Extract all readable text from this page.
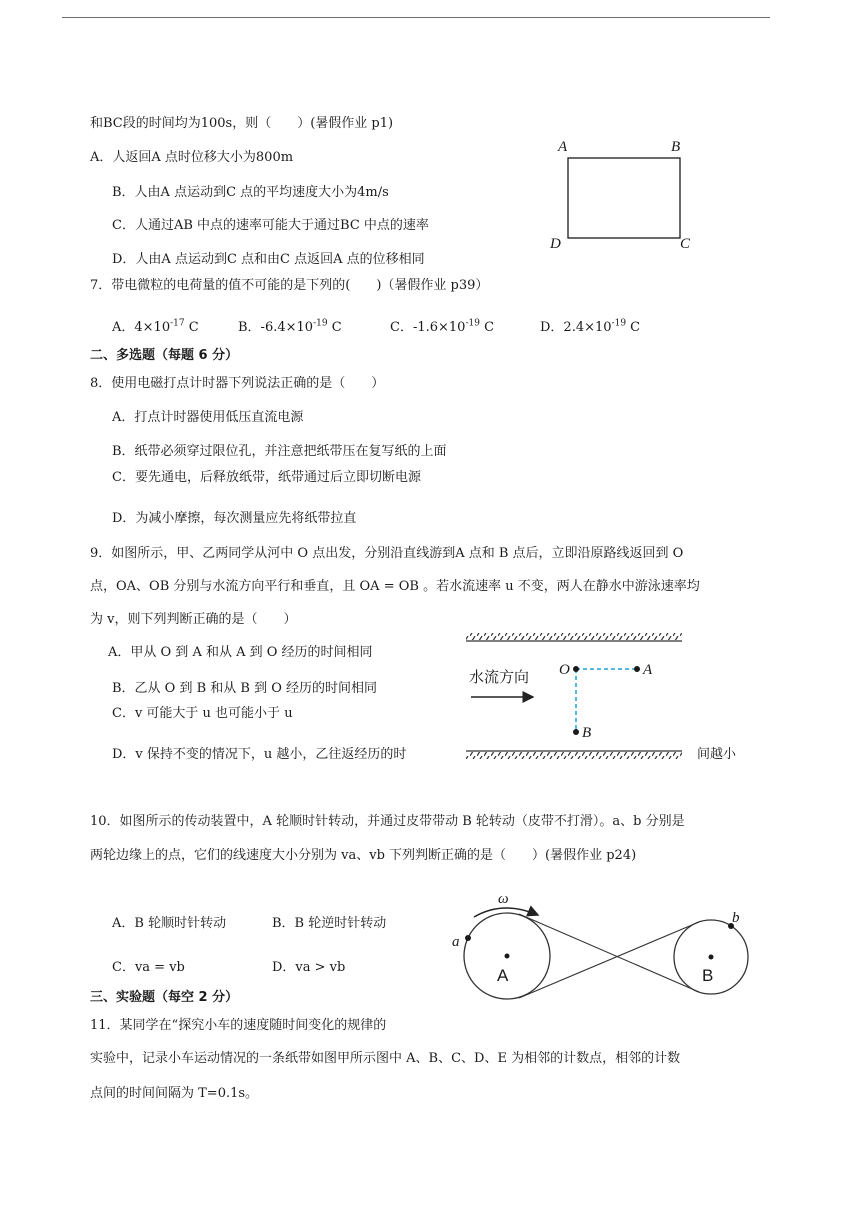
和BC段的时间均为100s，则（　　）(暑假作业 p1)
A．人返回A 点时位移大小为800m
B．人由A 点运动到C 点的平均速度大小为4m/s
C．人通过AB 中点的速率可能大于通过BC 中点的速率
D．人由A 点运动到C 点和由C 点返回A 点的位移相同
A	B
C
D
7．带电微粒的电荷量的值不可能的是下列的(　　)（暑假作业 p39）
A．$4\times 10^{-17}$ C	B．$-6.4\times 10^{-19}$ C	C．$-1.6\times 10^{-19}$ C	D．$2.4\times 10^{-19}$ C
二、多选题（每题 6 分）
8．使用电磁打点计时器下列说法正确的是（　　）
A．打点计时器使用低压直流电源
B．纸带必须穿过限位孔，并注意把纸带压在复写纸的上面
C．要先通电，后释放纸带，纸带通过后立即切断电源
D．为减小摩擦，每次测量应先将纸带拉直
9．如图所示，甲、乙两同学从河中 O 点出发，分别沿直线游到A 点和 B 点后，立即沿原路线返回到 O
点，OA、OB 分别与水流方向平行和垂直，且 OA = OB 。若水流速率 u 不变，两人在静水中游泳速率均
为 v，则下列判断正确的是（　　）
A．甲从 O 到 A 和从 A 到 O 经历的时间相同
B．乙从 O 到 B 和从 B 到 O 经历的时间相同
C．v 可能大于 u 也可能小于 u
D．v 保持不变的情况下，u 越小，乙往返经历的时	间越小
水流方向 O	A
B
10．如图所示的传动装置中，A 轮顺时针转动，并通过皮带带动 B 轮转动（皮带不打滑）。a、b 分别是
两轮边缘上的点，它们的线速度大小分别为 va、vb 下列判断正确的是（　　）(暑假作业 p24)
A．B 轮顺时针转动	B．B 轮逆时针转动
C．va = vb	D．va > vb
ω
a
b
A	B
三、实验题（每空 2 分）
11．某同学在“探究小车的速度随时间变化的规律的
实验中，记录小车运动情况的一条纸带如图甲所示图中 A、B、C、D、E 为相邻的计数点，相邻的计数
点间的时间间隔为 T=0.1s。
